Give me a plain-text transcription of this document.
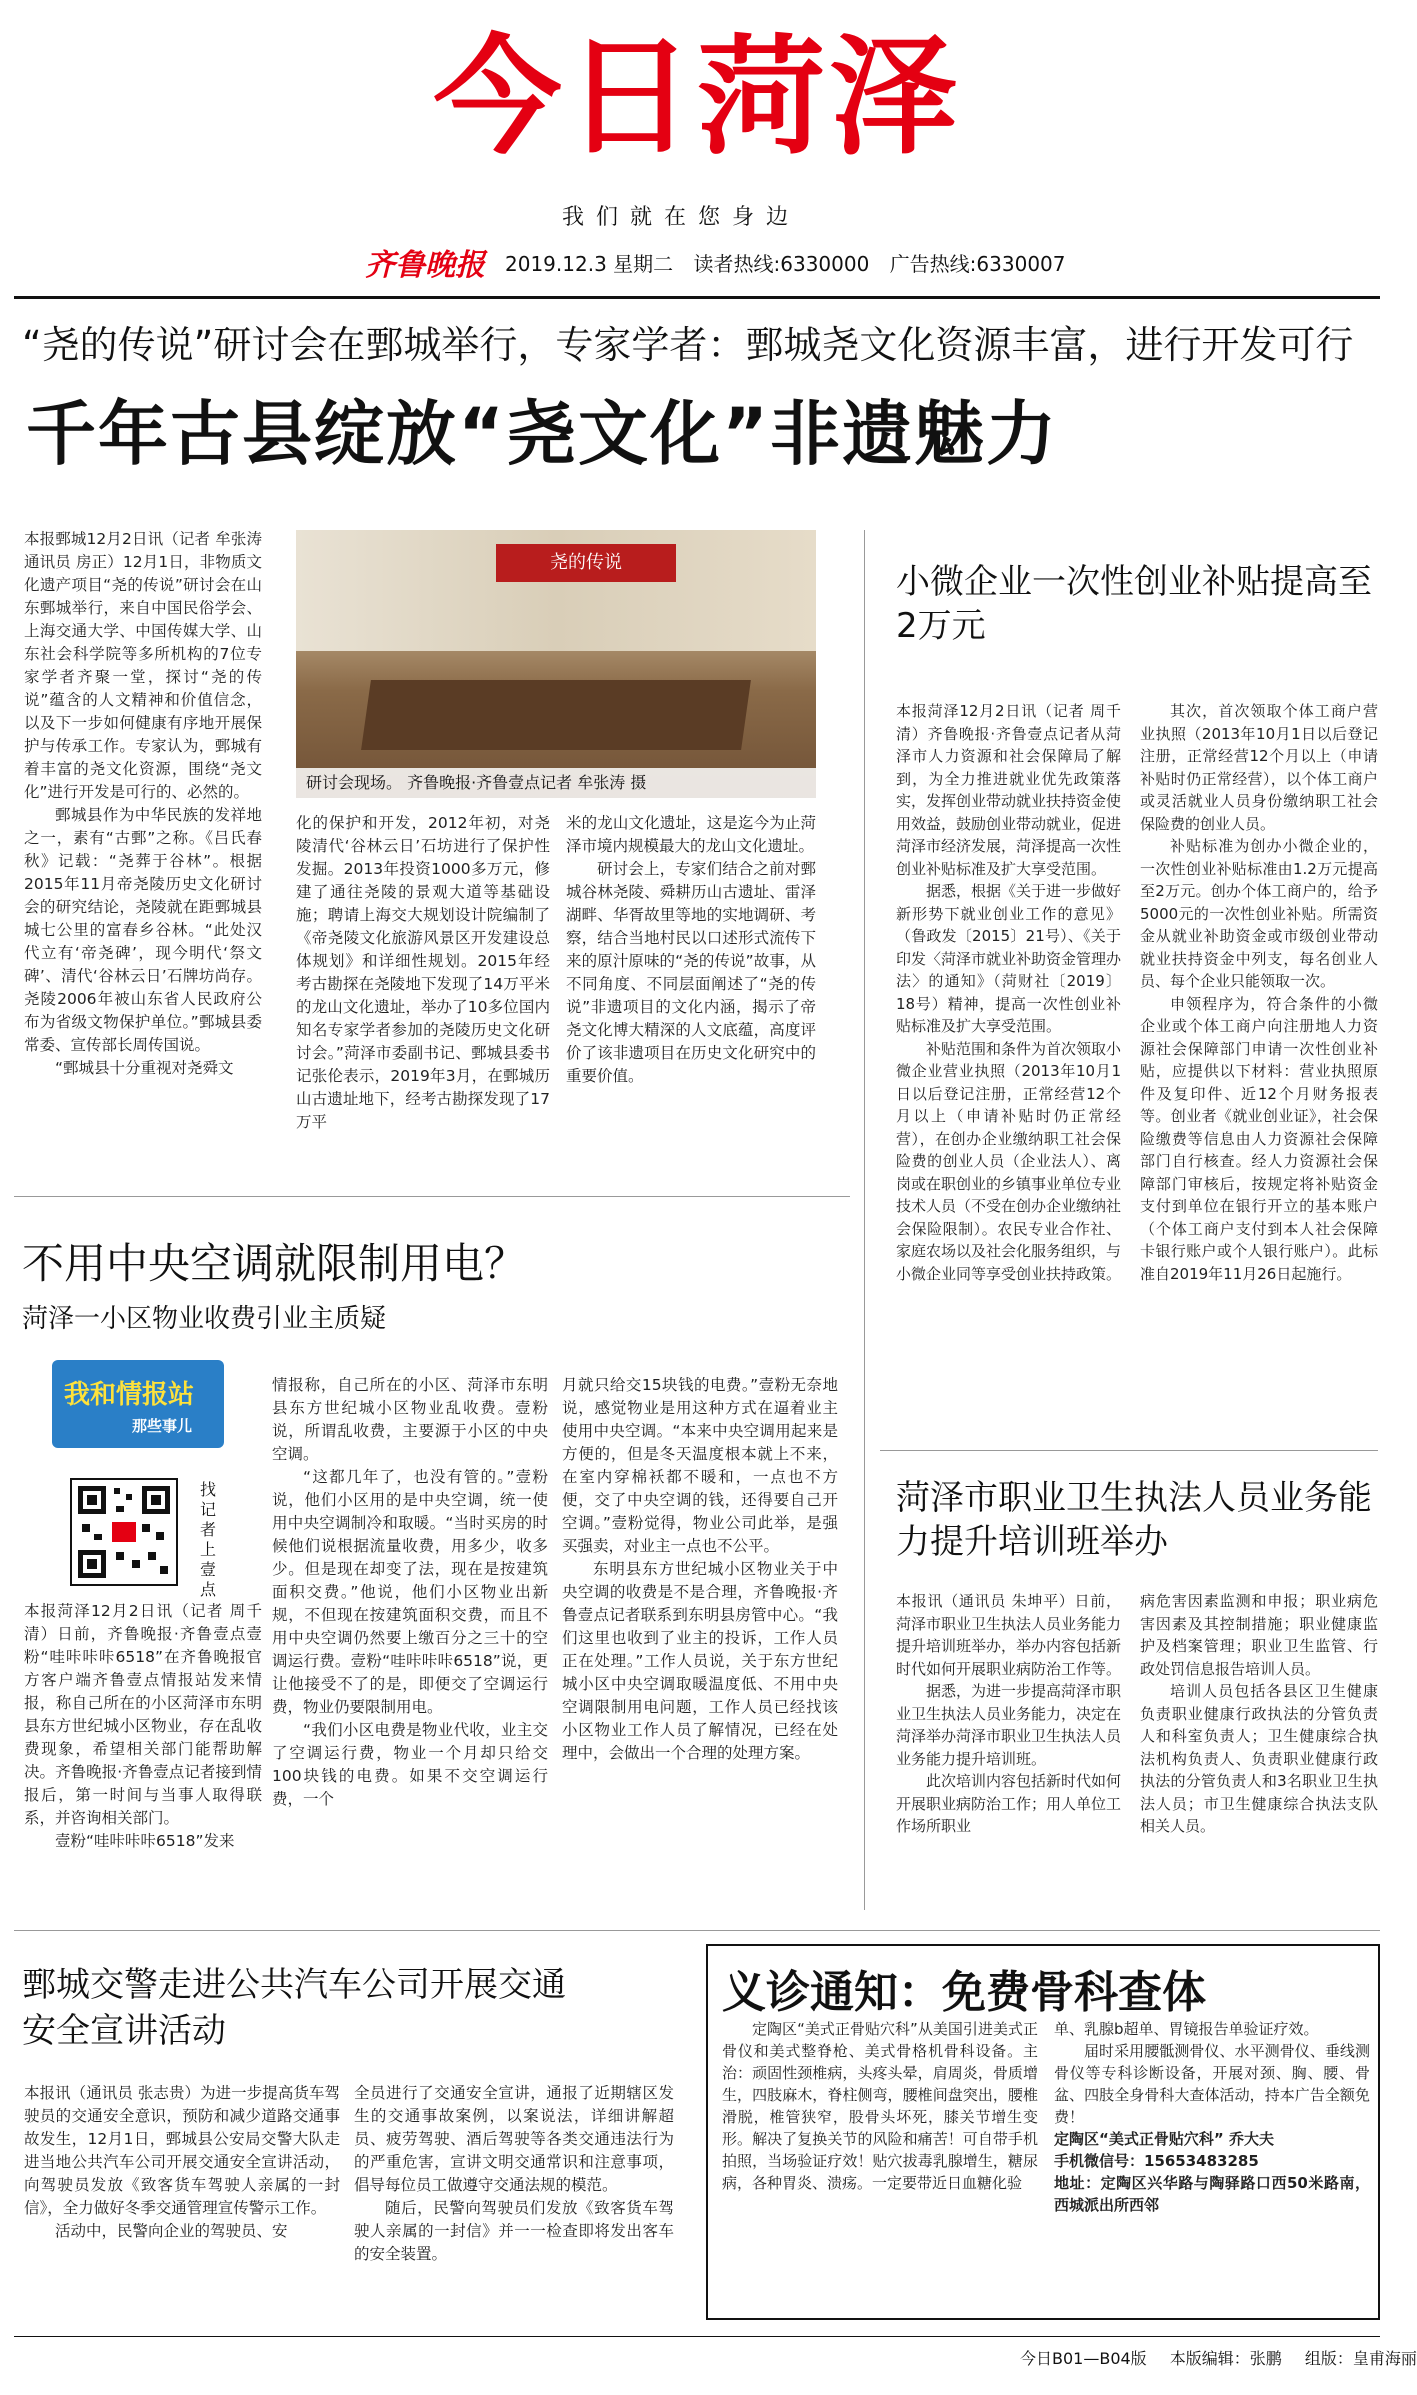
今日菏泽
我们就在您身边
齐鲁晚报 2019.12.3 星期二 读者热线:6330000 广告热线:6330007
“尧的传说”研讨会在鄄城举行，专家学者：鄄城尧文化资源丰富，进行开发可行
千年古县绽放“尧文化”非遗魅力

本报鄄城12月2日讯（记者 牟张涛 通讯员 房正）12月1日，非物质文化遗产项目“尧的传说”研讨会在山东鄄城举行，来自中国民俗学会、上海交通大学、中国传媒大学、山东社会科学院等多所机构的7位专家学者齐聚一堂，探讨“尧的传说”蕴含的人文精神和价值信念，以及下一步如何健康有序地开展保护与传承工作。专家认为，鄄城有着丰富的尧文化资源，围绕“尧文化”进行开发是可行的、必然的。

鄄城县作为中华民族的发祥地之一，素有“古鄄”之称。《吕氏春秋》记载：“尧葬于谷林”。根据2015年11月帝尧陵历史文化研讨会的研究结论，尧陵就在距鄄城县城七公里的富春乡谷林。“此处汉代立有‘帝尧碑’，现今明代‘祭文碑’、清代‘谷林云日’石牌坊尚存。尧陵2006年被山东省人民政府公布为省级文物保护单位。”鄄城县委常委、宣传部长周传国说。

“鄄城县十分重视对尧舜文

尧的传说
研讨会现场。 齐鲁晚报·齐鲁壹点记者 牟张涛 摄

化的保护和开发，2012年初，对尧陵清代‘谷林云日’石坊进行了保护性发掘。2013年投资1000多万元，修建了通往尧陵的景观大道等基础设施；聘请上海交大规划设计院编制了《帝尧陵文化旅游风景区开发建设总体规划》和详细性规划。2015年经考古勘探在尧陵地下发现了14万平米的龙山文化遗址，举办了10多位国内知名专家学者参加的尧陵历史文化研讨会。”菏泽市委副书记、鄄城县委书记张伦表示，2019年3月，在鄄城历山古遗址地下，经考古勘探发现了17万平

米的龙山文化遗址，这是迄今为止菏泽市境内规模最大的龙山文化遗址。

研讨会上，专家们结合之前对鄄城谷林尧陵、舜耕历山古遗址、雷泽湖畔、华胥故里等地的实地调研、考察，结合当地村民以口述形式流传下来的原汁原味的“尧的传说”故事，从不同角度、不同层面阐述了“尧的传说”非遗项目的文化内涵，揭示了帝尧文化博大精深的人文底蕴，高度评价了该非遗项目在历史文化研究中的重要价值。

小微企业一次性创业补贴提高至2万元

本报菏泽12月2日讯（记者 周千清）齐鲁晚报·齐鲁壹点记者从菏泽市人力资源和社会保障局了解到，为全力推进就业优先政策落实，发挥创业带动就业扶持资金使用效益，鼓励创业带动就业，促进菏泽市经济发展，菏泽提高一次性创业补贴标准及扩大享受范围。

据悉，根据《关于进一步做好新形势下就业创业工作的意见》（鲁政发〔2015〕21号）、《关于印发〈菏泽市就业补助资金管理办法〉的通知》（菏财社〔2019〕18号）精神，提高一次性创业补贴标准及扩大享受范围。

补贴范围和条件为首次领取小微企业营业执照（2013年10月1日以后登记注册，正常经营12个月以上（申请补贴时仍正常经营），在创办企业缴纳职工社会保险费的创业人员（企业法人）、离岗或在职创业的乡镇事业单位专业技术人员（不受在创办企业缴纳社会保险限制）。农民专业合作社、家庭农场以及社会化服务组织，与小微企业同等享受创业扶持政策。

其次，首次领取个体工商户营业执照（2013年10月1日以后登记注册，正常经营12个月以上（申请补贴时仍正常经营），以个体工商户或灵活就业人员身份缴纳职工社会保险费的创业人员。

补贴标准为创办小微企业的，一次性创业补贴标准由1.2万元提高至2万元。创办个体工商户的，给予5000元的一次性创业补贴。所需资金从就业补助资金或市级创业带动就业扶持资金中列支，每名创业人员、每个企业只能领取一次。

申领程序为，符合条件的小微企业或个体工商户向注册地人力资源社会保障部门申请一次性创业补贴，应提供以下材料：营业执照原件及复印件、近12个月财务报表等。创业者《就业创业证》，社会保险缴费等信息由人力资源社会保障部门自行核查。经人力资源社会保障部门审核后，按规定将补贴资金支付到单位在银行开立的基本账户（个体工商户支付到本人社会保障卡银行账户或个人银行账户）。此标准自2019年11月26日起施行。

不用中央空调就限制用电？
菏泽一小区物业收费引业主质疑
我和情报站
那些事儿
找记者 上壹点

本报菏泽12月2日讯（记者 周千清）日前，齐鲁晚报·齐鲁壹点壹粉“哇咔咔咔6518”在齐鲁晚报官方客户端齐鲁壹点情报站发来情报，称自己所在的小区菏泽市东明县东方世纪城小区物业，存在乱收费现象，希望相关部门能帮助解决。齐鲁晚报·齐鲁壹点记者接到情报后，第一时间与当事人取得联系，并咨询相关部门。

壹粉“哇咔咔咔6518”发来

情报称，自己所在的小区、菏泽市东明县东方世纪城小区物业乱收费。壹粉说，所谓乱收费，主要源于小区的中央空调。

“这都几年了，也没有管的。”壹粉说，他们小区用的是中央空调，统一使用中央空调制冷和取暖。“当时买房的时候他们说根据流量收费，用多少，收多少。但是现在却变了法，现在是按建筑面积交费。”他说，他们小区物业出新规，不但现在按建筑面积交费，而且不用中央空调仍然要上缴百分之三十的空调运行费。壹粉“哇咔咔咔6518”说，更让他接受不了的是，即便交了空调运行费，物业仍要限制用电。

“我们小区电费是物业代收，业主交了空调运行费，物业一个月却只给交100块钱的电费。如果不交空调运行费，一个

月就只给交15块钱的电费。”壹粉无奈地说，感觉物业是用这种方式在逼着业主使用中央空调。“本来中央空调用起来是方便的，但是冬天温度根本就上不来，在室内穿棉袄都不暖和，一点也不方便，交了中央空调的钱，还得要自己开空调。”壹粉觉得，物业公司此举，是强买强卖，对业主一点也不公平。

东明县东方世纪城小区物业关于中央空调的收费是不是合理，齐鲁晚报·齐鲁壹点记者联系到东明县房管中心。“我们这里也收到了业主的投诉，工作人员正在处理。”工作人员说，关于东方世纪城小区中央空调取暖温度低、不用中央空调限制用电问题，工作人员已经找该小区物业工作人员了解情况，已经在处理中，会做出一个合理的处理方案。

菏泽市职业卫生执法人员业务能力提升培训班举办

本报讯（通讯员 朱坤平）日前，菏泽市职业卫生执法人员业务能力提升培训班举办，举办内容包括新时代如何开展职业病防治工作等。

据悉，为进一步提高菏泽市职业卫生执法人员业务能力，决定在菏泽举办菏泽市职业卫生执法人员业务能力提升培训班。

此次培训内容包括新时代如何开展职业病防治工作；用人单位工作场所职业

病危害因素监测和申报；职业病危害因素及其控制措施；职业健康监护及档案管理；职业卫生监管、行政处罚信息报告培训人员。

培训人员包括各县区卫生健康负责职业健康行政执法的分管负责人和科室负责人；卫生健康综合执法机构负责人、负责职业健康行政执法的分管负责人和3名职业卫生执法人员；市卫生健康综合执法支队相关人员。

鄄城交警走进公共汽车公司开展交通安全宣讲活动

本报讯（通讯员 张志贵）为进一步提高货车驾驶员的交通安全意识，预防和减少道路交通事故发生，12月1日，鄄城县公安局交警大队走进当地公共汽车公司开展交通安全宣讲活动，向驾驶员发放《致客货车驾驶人亲属的一封信》，全力做好冬季交通管理宣传警示工作。

活动中，民警向企业的驾驶员、安

全员进行了交通安全宣讲，通报了近期辖区发生的交通事故案例，以案说法，详细讲解超员、疲劳驾驶、酒后驾驶等各类交通违法行为的严重危害，宣讲文明交通常识和注意事项，倡导每位员工做遵守交通法规的模范。

随后，民警向驾驶员们发放《致客货车驾驶人亲属的一封信》并一一检查即将发出客车的安全装置。

义诊通知：免费骨科查体

定陶区“美式正骨贴穴科”从美国引进美式正骨仪和美式整脊枪、美式骨格机骨科设备。主治：顽固性颈椎病，头疼头晕，肩周炎，骨质增生，四肢麻木，脊柱侧弯，腰椎间盘突出，腰椎滑脱，椎管狭窄，股骨头坏死，膝关节增生变形。解决了复换关节的风险和痛苦！可自带手机拍照，当场验证疗效！贴穴拔毒乳腺增生，糖尿病，各种胃炎、溃疡。一定要带近日血糖化验

单、乳腺b超单、胃镜报告单验证疗效。

届时采用腰骶测骨仪、水平测骨仪、垂线测骨仪等专科诊断设备，开展对颈、胸、腰、骨盆、四肢全身骨科大查体活动，持本广告全额免费！

定陶区“美式正骨贴穴科” 乔大夫

手机微信号：15653483285

地址：定陶区兴华路与陶驿路口西50米路南，西城派出所西邻

今日B01—B04版 本版编辑：张鹏 组版：皇甫海丽
